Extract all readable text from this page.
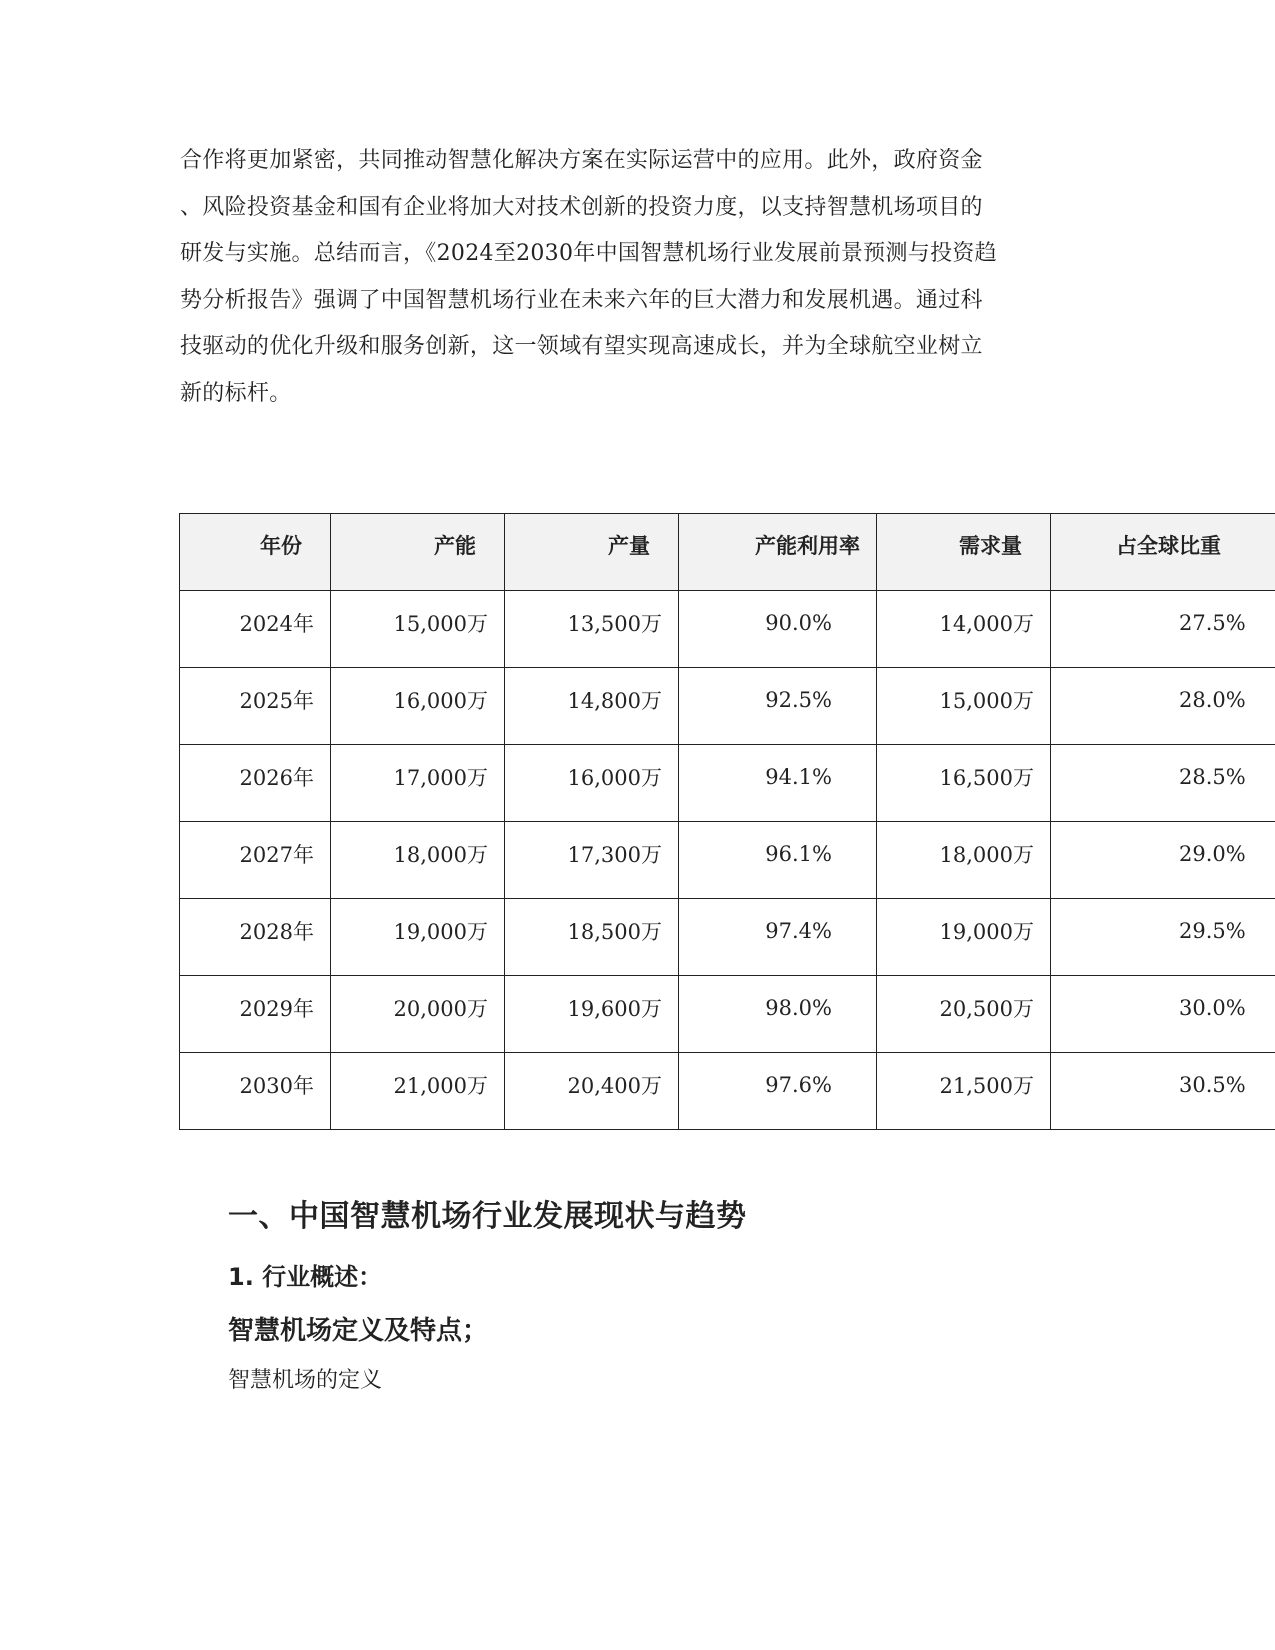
合作将更加紧密，共同推动智慧化解决方案在实际运营中的应用。此外，政府资金

、风险投资基金和国有企业将加大对技术创新的投资力度，以支持智慧机场项目的

研发与实施。总结而言，《2024至2030年中国智慧机场行业发展前景预测与投资趋

势分析报告》强调了中国智慧机场行业在未来六年的巨大潜力和发展机遇。通过科

技驱动的优化升级和服务创新，这一领域有望实现高速成长，并为全球航空业树立

新的标杆。

年份	产能	产量	产能利用率	需求量	占全球比重
2024年	15,000万	13,500万	90.0%	14,000万	27.5%
2025年	16,000万	14,800万	92.5%	15,000万	28.0%
2026年	17,000万	16,000万	94.1%	16,500万	28.5%
2027年	18,000万	17,300万	96.1%	18,000万	29.0%
2028年	19,000万	18,500万	97.4%	19,000万	29.5%
2029年	20,000万	19,600万	98.0%	20,500万	30.0%
2030年	21,000万	20,400万	97.6%	21,500万	30.5%
一、中国智慧机场行业发展现状与趋势
1. 行业概述：
智慧机场定义及特点；

智慧机场的定义
